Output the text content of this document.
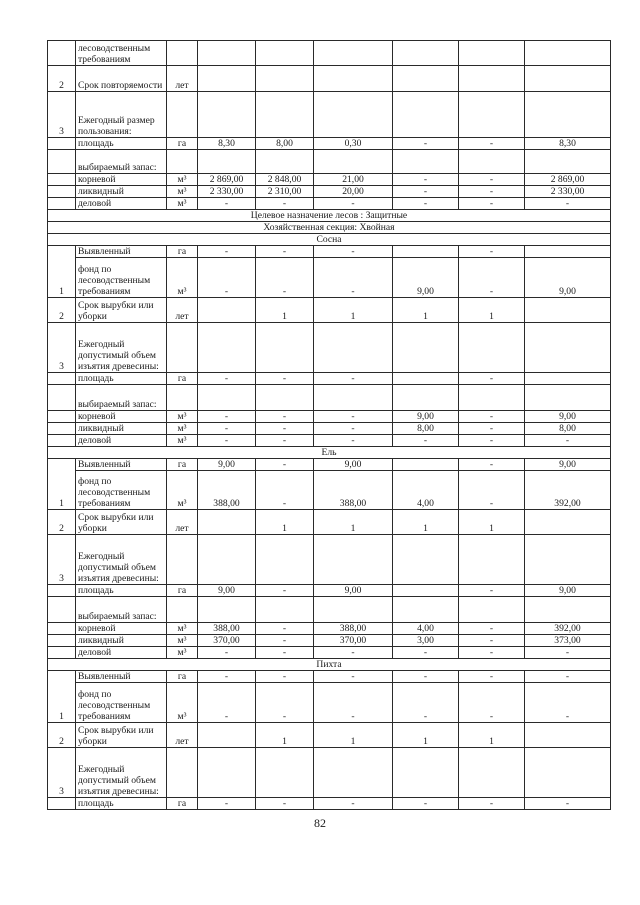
	лесоводственным требованиям							
2	Срок повторяемости	лет						
3	Ежегодный размер пользования:							
	площадь	га	8,30	8,00	0,30	-	-	8,30
	выбираемый запас:							
	корневой	м³	2 869,00	2 848,00	21,00	-	-	2 869,00
	ликвидный	м³	2 330,00	2 310,00	20,00	-	-	2 330,00
	деловой	м³	-	-	-	-	-	-
Целевое назначение лесов : Защитные								
Хозяйственная секция: Хвойная								
Сосна								
1	Выявленный	га	-	-	-		-	
	фонд по лесоводственным требованиям	м³	-	-	-	9,00	-	9,00
2	Срок вырубки или уборки	лет		1	1	1	1	
3	Ежегодный допустимый объем изъятия древесины:							
	площадь	га	-	-	-		-	
	выбираемый запас:							
	корневой	м³	-	-	-	9,00	-	9,00
	ликвидный	м³	-	-	-	8,00	-	8,00
	деловой	м³	-	-	-	-	-	-
Ель								
1	Выявленный	га	9,00	-	9,00		-	9,00
	фонд по лесоводственным требованиям	м³	388,00	-	388,00	4,00	-	392,00
2	Срок вырубки или уборки	лет		1	1	1	1	
3	Ежегодный допустимый объем изъятия древесины:							
	площадь	га	9,00	-	9,00		-	9,00
	выбираемый запас:							
	корневой	м³	388,00	-	388,00	4,00	-	392,00
	ликвидный	м³	370,00	-	370,00	3,00	-	373,00
	деловой	м³	-	-	-	-	-	-
Пихта								
1	Выявленный	га	-	-	-	-	-	-
	фонд по лесоводственным требованиям	м³	-	-	-	-	-	-
2	Срок вырубки или уборки	лет		1	1	1	1	
3	Ежегодный допустимый объем изъятия древесины:							
	площадь	га	-	-	-	-	-	-
82
